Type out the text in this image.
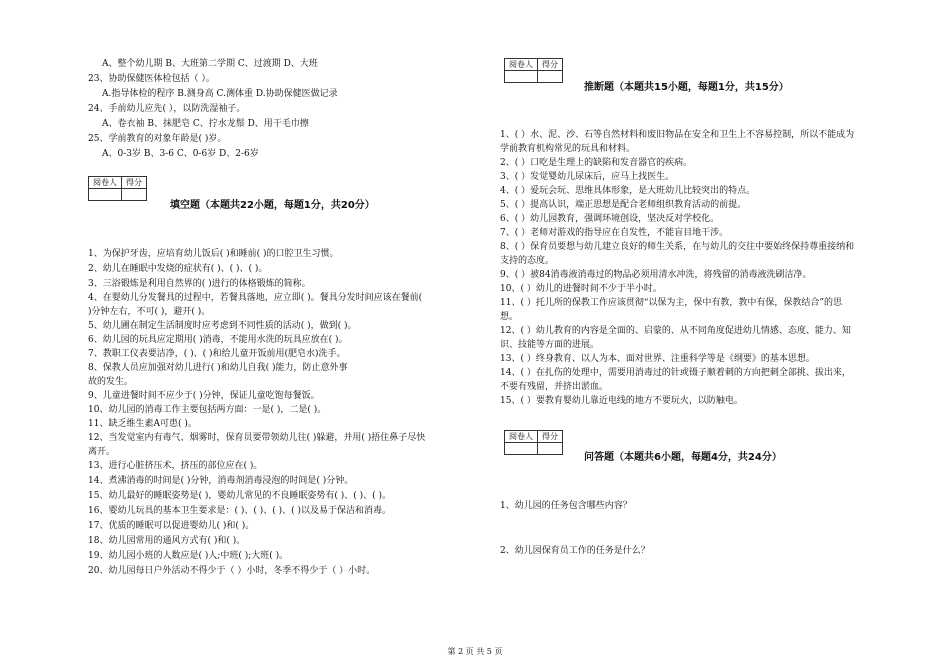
阅卷人	得分

填空题（本题共22小题，每题1分，共20分）
A、整个幼儿期 B、大班第二学期 C、过渡期 D、大班
23、协助保健医体检包括（ ）。
A.指导体检的程序 B.测身高 C.测体重 D.协助保健医做记录
24、手前幼儿应先( ），以防洗湿袖子。
A、卷衣袖 B、抹肥皂 C、拧水龙鬃 D、用干毛巾擦
25、学前教育的对象年龄是( )岁。
A、0-3岁 B、3-6 C、0-6岁 D、2-6岁
1、为保护牙齿，应培育幼儿饭后( )和睡前( )的口腔卫生习惯。
2、幼儿在睡眠中发烧的症状有( )、( )、( )。
3、三浴锻炼是利用自然界的( )进行的体格锻炼的简称。
4、在婴幼儿分发餐具的过程中，若餐具落地，应立即( )。餐具分发时间应该在餐前(
)分钟左右，不可( )，避开( )。
5、幼儿圃在制定生活制度时应考虑到不同性质的活动( )，做到( )。
6、幼儿园的玩具应定期用( )消毒，不能用水洗的玩具应放在( )。
7、教职工仪表要洁净，( )、( )和给儿童开饭前用(肥皂水)洗手。
8、保教人员应加强对幼儿进行( )和幼儿自我( )能力，防止意外事
故的发生。
9、儿童进餐时间不应少于( )分钟，保证儿童吃饱每餐饭。
10、幼儿园的消毒工作主要包括两方面：一是( )，二是( )。
11、缺乏维生素A可患( )。
12、当发觉室内有毒气、烟雾时，保育员要带领幼儿往( )躲避，并用( )捂住鼻子尽快
离开。
13、进行心脏挤压术，挤压的部位应在( )。
14、煮沸消毒的时间是( )分钟，消毒剂消毒浸泡的时间是( )分钟。
15、幼儿最好的睡眠姿势是( )，婴幼儿常见的不良睡眠姿势有( )、( )、( )。
16、婴幼儿玩具的基本卫生要求是：( )、( )、( )、( )以及易于保洁和消毒。
17、优质的睡眠可以促进婴幼儿( )和( )。
18、幼儿园常用的通风方式有( )和( )。
19、幼儿园小班的人数应是( )人;中班( );大班( )。
20、幼儿园每日户外活动不得少于（ ）小时，冬季不得少于（ ）小时。
阅卷人	得分

推断题（本题共15小题，每题1分，共15分）
阅卷人	得分

问答题（本题共6小题，每题4分，共24分）
1、( ）水、泥、沙、石等自然材料和废旧物品在安全和卫生上不容易控制，所以不能成为
学前教育机构常见的玩具和材料。
2、( ）口吃是生理上的缺陷和发音器官的疾病。
3、( ）发觉婴幼儿尿床后，应马上找医生。
4、( ）爱玩会玩、思维具体形象，是大班幼儿比较突出的特点。
5、( ）提高认识，端正思想是配合老师组织教育活动的前提。
6、( ）幼儿园教育，强调环境创设，坚决反对学校化。
7、( ）老师对游戏的指导应在自发性，不能盲目地干涉。
8、( ）保育员要想与幼儿建立良好的师生关系，在与幼儿的交往中要始终保持尊重接纳和
支持的态度。
9、( ）被84消毒液消毒过的物品必须用清水冲洗，将残留的消毒液洗刷洁净。
10、( ）幼儿的进餐时间不少于半小时。
11、( ）托儿所的保教工作应该贯彻“以保为主，保中有教，教中有保，保教结合”的思
想。
12、( ）幼儿教育的内容是全面的、启蒙的、从不同角度促进幼儿情感、态度、能力、知
识、技能等方面的进展。
13、( ）终身教育、以人为本、面对世界、注重科学等是《纲要》的基本思想。
14、( ）在扎伤的处理中，需要用消毒过的针或镊子顺着刺的方向把刺全部挑、拔出来，
不要有残留，并挤出淤血。
15、( ）要教育婴幼儿靠近电线的地方不要玩火，以防触电。
1、幼儿园的任务包含哪些内容？
2、幼儿园保育员工作的任务是什么？
第 2 页 共 5 页
